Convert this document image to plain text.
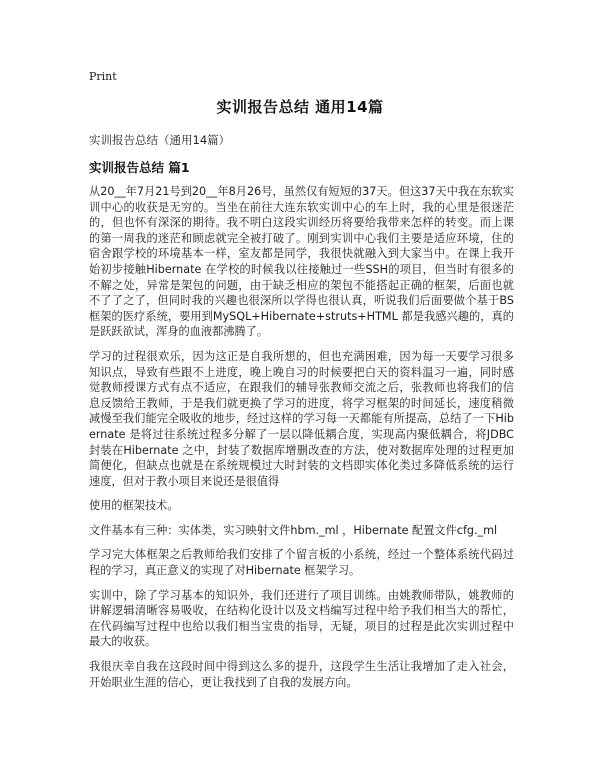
Print
实训报告总结 通用14篇
实训报告总结（通用14篇）
实训报告总结 篇1

从20__年7月21号到20__年8月26号，虽然仅有短短的37天。但这37天中我在东软实训中心的收获是无穷的。当坐在前往大连东软实训中心的车上时，我的心里是很迷茫的，但也怀有深深的期待。我不明白这段实训经历将要给我带来怎样的转变。而上课的第一周我的迷茫和顾虑就完全被打破了。刚到实训中心我们主要是适应环境，住的宿舍跟学校的环境基本一样，室友都是同学，我很快就融入到大家当中。在课上我开始初步接触Hibernate 在学校的时候我以往接触过一些SSH的项目，但当时有很多的不解之处，异常是架包的问题，由于缺乏相应的架包不能搭起正确的框架，后面也就不了了之了，但同时我的兴趣也很深所以学得也很认真，听说我们后面要做个基于BS框架的医疗系统，要用到MySQL+Hibernate+struts+HTML 都是我感兴趣的，真的是跃跃欲试，浑身的血液都沸腾了。

学习的过程很欢乐，因为这正是自我所想的，但也充满困难，因为每一天要学习很多知识点，导致有些跟不上进度，晚上晚自习的时候要把白天的资料温习一遍，同时感觉教师授课方式有点不适应，在跟我们的辅导张教师交流之后，张教师也将我们的信息反馈给王教师，于是我们就更换了学习的进度，将学习框架的时间延长，速度稍微减慢至我们能完全吸收的地步，经过这样的学习每一天都能有所提高，总结了一下Hibernate 是将过往系统过程多分解了一层以降低耦合度，实现高内聚低耦合，将JDBC封装在Hibernate 之中，封装了数据库增删改查的方法，使对数据库处理的过程更加简便化，但缺点也就是在系统规模过大时封装的文档即实体化类过多降低系统的运行速度，但对于教小项目来说还是很值得

使用的框架技术。

文件基本有三种：实体类，实习映射文件hbm._ml ，Hibernate 配置文件cfg._ml

学习完大体框架之后教师给我们安排了个留言板的小系统，经过一个整体系统代码过程的学习，真正意义的实现了对Hibernate 框架学习。

实训中，除了学习基本的知识外，我们还进行了项目训练。由姚教师带队，姚教师的讲解逻辑清晰容易吸收，在结构化设计以及文档编写过程中给予我们相当大的帮忙，在代码编写过程中也给以我们相当宝贵的指导，无疑，项目的过程是此次实训过程中最大的收获。

我很庆幸自我在这段时间中得到这么多的提升，这段学生生活让我增加了走入社会，开始职业生涯的信心，更让我找到了自我的发展方向。
